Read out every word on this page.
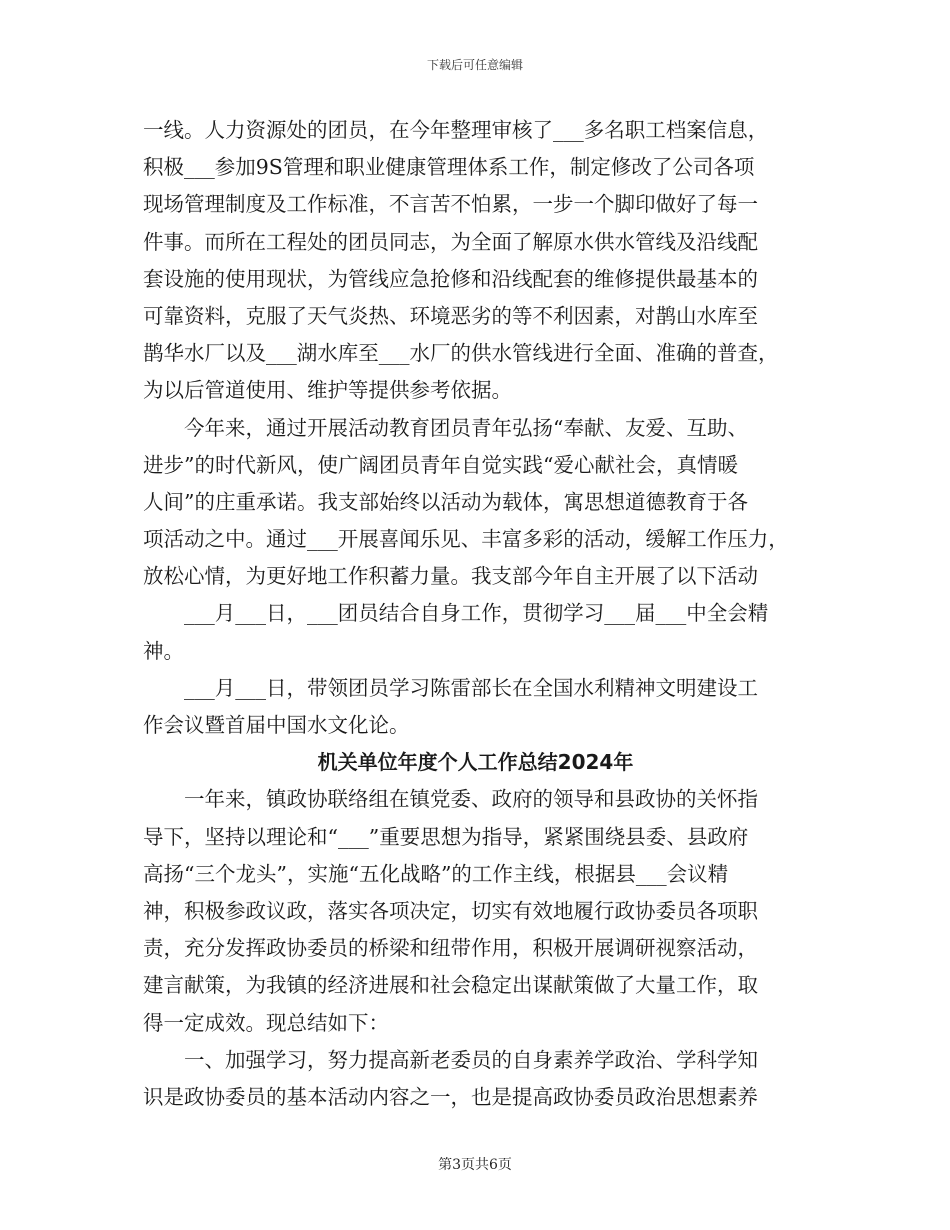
下载后可任意编辑
一线。人力资源处的团员，在今年整理审核了___多名职工档案信息，
积极___参加9S管理和职业健康管理体系工作，制定修改了公司各项
现场管理制度及工作标准，不言苦不怕累，一步一个脚印做好了每一
件事。而所在工程处的团员同志，为全面了解原水供水管线及沿线配
套设施的使用现状，为管线应急抢修和沿线配套的维修提供最基本的
可靠资料，克服了天气炎热、环境恶劣的等不利因素，对鹊山水库至
鹊华水厂以及___湖水库至___水厂的供水管线进行全面、准确的普查，
为以后管道使用、维护等提供参考依据。
　　今年来，通过开展活动教育团员青年弘扬“奉献、友爱、互助、
进步”的时代新风，使广阔团员青年自觉实践“爱心献社会，真情暖
人间”的庄重承诺。我支部始终以活动为载体，寓思想道德教育于各
项活动之中。通过___开展喜闻乐见、丰富多彩的活动，缓解工作压力，
放松心情，为更好地工作积蓄力量。我支部今年自主开展了以下活动
　　___月___日，___团员结合自身工作，贯彻学习___届___中全会精
神。
　　___月___日，带领团员学习陈雷部长在全国水利精神文明建设工
作会议暨首届中国水文化论。
机关单位年度个人工作总结2024年
　　一年来，镇政协联络组在镇党委、政府的领导和县政协的关怀指
导下，坚持以理论和“___”重要思想为指导，紧紧围绕县委、县政府
高扬“三个龙头”，实施“五化战略”的工作主线，根据县___会议精
神，积极参政议政，落实各项决定，切实有效地履行政协委员各项职
责，充分发挥政协委员的桥梁和纽带作用，积极开展调研视察活动，
建言献策，为我镇的经济进展和社会稳定出谋献策做了大量工作，取
得一定成效。现总结如下：
　　一、加强学习，努力提高新老委员的自身素养学政治、学科学知
识是政协委员的基本活动内容之一，也是提高政协委员政治思想素养
第3页共6页
